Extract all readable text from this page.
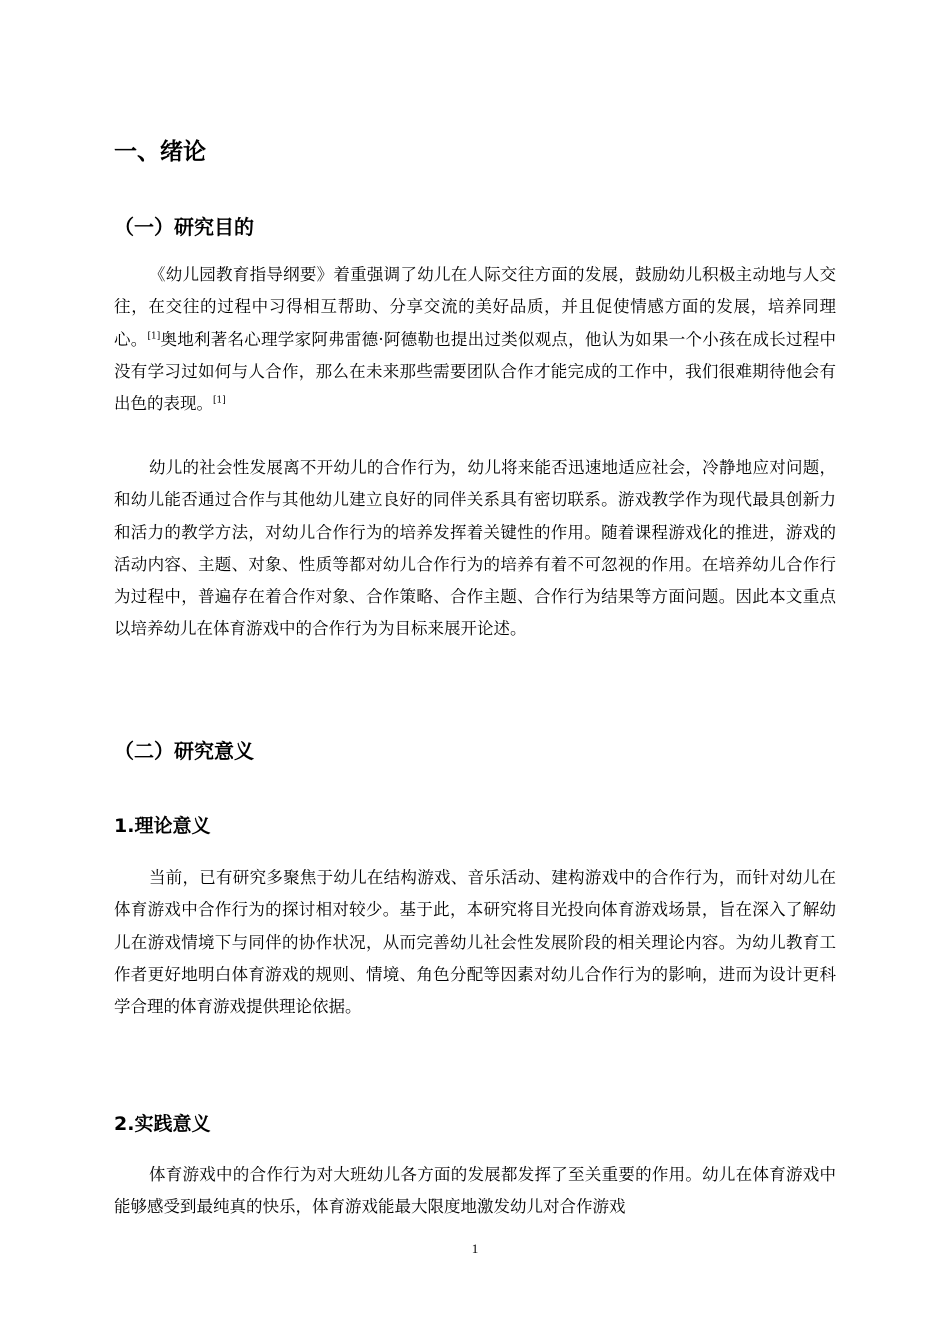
一、绪论
（一）研究目的

《幼儿园教育指导纲要》着重强调了幼儿在人际交往方面的发展，鼓励幼儿积极主动地与人交往，在交往的过程中习得相互帮助、分享交流的美好品质，并且促使情感方面的发展，培养同理心。[1]奥地利著名心理学家阿弗雷德·阿德勒也提出过类似观点，他认为如果一个小孩在成长过程中没有学习过如何与人合作，那么在未来那些需要团队合作才能完成的工作中，我们很难期待他会有出色的表现。[1]

幼儿的社会性发展离不开幼儿的合作行为，幼儿将来能否迅速地适应社会，冷静地应对问题，和幼儿能否通过合作与其他幼儿建立良好的同伴关系具有密切联系。游戏教学作为现代最具创新力和活力的教学方法，对幼儿合作行为的培养发挥着关键性的作用。随着课程游戏化的推进，游戏的活动内容、主题、对象、性质等都对幼儿合作行为的培养有着不可忽视的作用。在培养幼儿合作行为过程中，普遍存在着合作对象、合作策略、合作主题、合作行为结果等方面问题。因此本文重点以培养幼儿在体育游戏中的合作行为为目标来展开论述。

（二）研究意义
1.理论意义

当前，已有研究多聚焦于幼儿在结构游戏、音乐活动、建构游戏中的合作行为，而针对幼儿在体育游戏中合作行为的探讨相对较少。基于此，本研究将目光投向体育游戏场景，旨在深入了解幼儿在游戏情境下与同伴的协作状况，从而完善幼儿社会性发展阶段的相关理论内容。为幼儿教育工作者更好地明白体育游戏的规则、情境、角色分配等因素对幼儿合作行为的影响，进而为设计更科学合理的体育游戏提供理论依据。

2.实践意义

体育游戏中的合作行为对大班幼儿各方面的发展都发挥了至关重要的作用。幼儿在体育游戏中能够感受到最纯真的快乐，体育游戏能最大限度地激发幼儿对合作游戏

1
